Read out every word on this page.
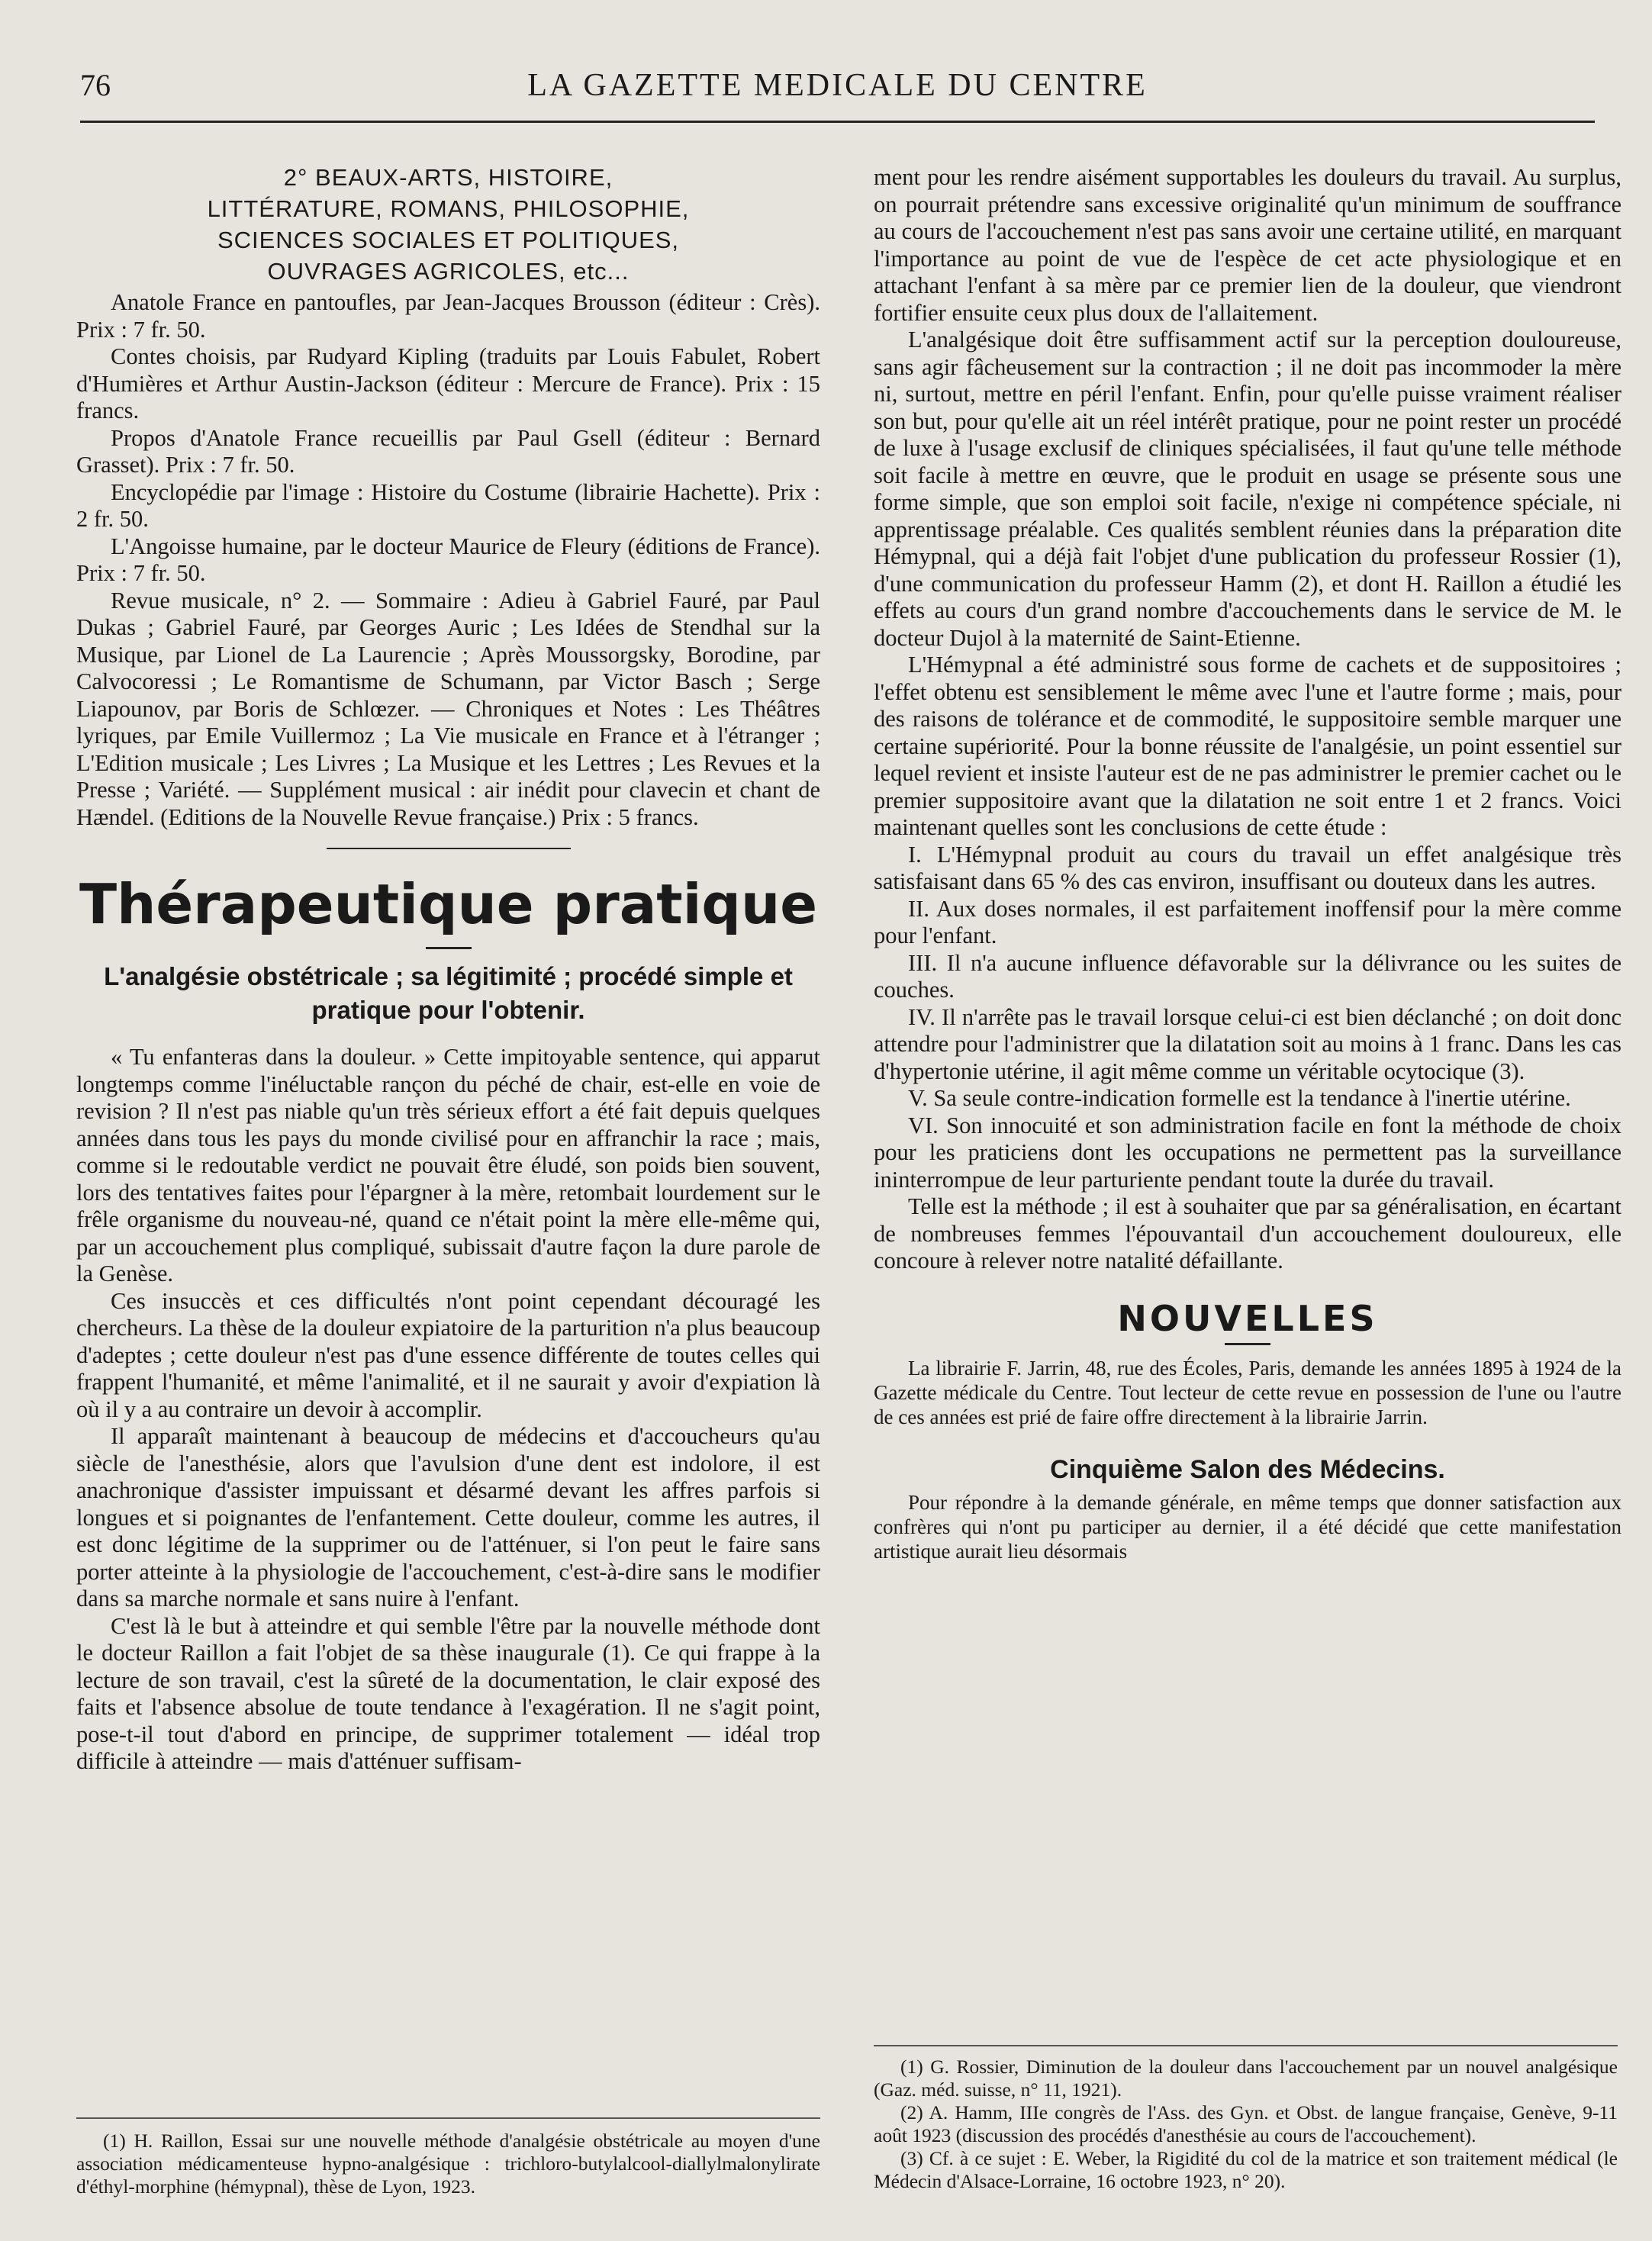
76	LA GAZETTE MEDICALE DU CENTRE
2° BEAUX-ARTS, HISTOIRE,
LITTÉRATURE, ROMANS, PHILOSOPHIE,
SCIENCES SOCIALES ET POLITIQUES,
OUVRAGES AGRICOLES, etc...

Anatole France en pantoufles, par Jean-Jacques Brousson (éditeur : Crès). Prix : 7 fr. 50.

Contes choisis, par Rudyard Kipling (traduits par Louis Fabulet, Robert d'Humières et Arthur Austin-Jackson (éditeur : Mercure de France). Prix : 15 francs.

Propos d'Anatole France recueillis par Paul Gsell (éditeur : Bernard Grasset). Prix : 7 fr. 50.

Encyclopédie par l'image : Histoire du Costume (librairie Hachette). Prix : 2 fr. 50.

L'Angoisse humaine, par le docteur Maurice de Fleury (éditions de France). Prix : 7 fr. 50.

Revue musicale, n° 2. — Sommaire : Adieu à Gabriel Fauré, par Paul Dukas ; Gabriel Fauré, par Georges Auric ; Les Idées de Stendhal sur la Musique, par Lionel de La Laurencie ; Après Moussorgsky, Borodine, par Calvocoressi ; Le Romantisme de Schumann, par Victor Basch ; Serge Liapounov, par Boris de Schlœzer. — Chroniques et Notes : Les Théâtres lyriques, par Emile Vuillermoz ; La Vie musicale en France et à l'étranger ; L'Edition musicale ; Les Livres ; La Musique et les Lettres ; Les Revues et la Presse ; Variété. — Supplément musical : air inédit pour clavecin et chant de Hændel. (Editions de la Nouvelle Revue française.) Prix : 5 francs.

Thérapeutique pratique
L'analgésie obstétricale ; sa légitimité ; procédé simple et pratique pour l'obtenir.

« Tu enfanteras dans la douleur. » Cette impitoyable sentence, qui apparut longtemps comme l'inéluctable rançon du péché de chair, est-elle en voie de revision ? Il n'est pas niable qu'un très sérieux effort a été fait depuis quelques années dans tous les pays du monde civilisé pour en affranchir la race ; mais, comme si le redoutable verdict ne pouvait être éludé, son poids bien souvent, lors des tentatives faites pour l'épargner à la mère, retombait lourdement sur le frêle organisme du nouveau-né, quand ce n'était point la mère elle-même qui, par un accouchement plus compliqué, subissait d'autre façon la dure parole de la Genèse.

Ces insuccès et ces difficultés n'ont point cependant découragé les chercheurs. La thèse de la douleur expiatoire de la parturition n'a plus beaucoup d'adeptes ; cette douleur n'est pas d'une essence différente de toutes celles qui frappent l'humanité, et même l'animalité, et il ne saurait y avoir d'expiation là où il y a au contraire un devoir à accomplir.

Il apparaît maintenant à beaucoup de médecins et d'accoucheurs qu'au siècle de l'anesthésie, alors que l'avulsion d'une dent est indolore, il est anachronique d'assister impuissant et désarmé devant les affres parfois si longues et si poignantes de l'enfantement. Cette douleur, comme les autres, il est donc légitime de la supprimer ou de l'atténuer, si l'on peut le faire sans porter atteinte à la physiologie de l'accouchement, c'est-à-dire sans le modifier dans sa marche normale et sans nuire à l'enfant.

C'est là le but à atteindre et qui semble l'être par la nouvelle méthode dont le docteur Raillon a fait l'objet de sa thèse inaugurale (1). Ce qui frappe à la lecture de son travail, c'est la sûreté de la documentation, le clair exposé des faits et l'absence absolue de toute tendance à l'exagération. Il ne s'agit point, pose-t-il tout d'abord en principe, de supprimer totalement — idéal trop difficile à atteindre — mais d'atténuer suffisam-

(1) H. Raillon, Essai sur une nouvelle méthode d'analgésie obstétricale au moyen d'une association médicamenteuse hypno-analgésique : trichloro-butylalcool-diallylmalonylirate d'éthyl-morphine (hémypnal), thèse de Lyon, 1923.

ment pour les rendre aisément supportables les douleurs du travail. Au surplus, on pourrait prétendre sans excessive originalité qu'un minimum de souffrance au cours de l'accouchement n'est pas sans avoir une certaine utilité, en marquant l'importance au point de vue de l'espèce de cet acte physiologique et en attachant l'enfant à sa mère par ce premier lien de la douleur, que viendront fortifier ensuite ceux plus doux de l'allaitement.

L'analgésique doit être suffisamment actif sur la perception douloureuse, sans agir fâcheusement sur la contraction ; il ne doit pas incommoder la mère ni, surtout, mettre en péril l'enfant. Enfin, pour qu'elle puisse vraiment réaliser son but, pour qu'elle ait un réel intérêt pratique, pour ne point rester un procédé de luxe à l'usage exclusif de cliniques spécialisées, il faut qu'une telle méthode soit facile à mettre en œuvre, que le produit en usage se présente sous une forme simple, que son emploi soit facile, n'exige ni compétence spéciale, ni apprentissage préalable. Ces qualités semblent réunies dans la préparation dite Hémypnal, qui a déjà fait l'objet d'une publication du professeur Rossier (1), d'une communication du professeur Hamm (2), et dont H. Raillon a étudié les effets au cours d'un grand nombre d'accouchements dans le service de M. le docteur Dujol à la maternité de Saint-Etienne.

L'Hémypnal a été administré sous forme de cachets et de suppositoires ; l'effet obtenu est sensiblement le même avec l'une et l'autre forme ; mais, pour des raisons de tolérance et de commodité, le suppositoire semble marquer une certaine supériorité. Pour la bonne réussite de l'analgésie, un point essentiel sur lequel revient et insiste l'auteur est de ne pas administrer le premier cachet ou le premier suppositoire avant que la dilatation ne soit entre 1 et 2 francs. Voici maintenant quelles sont les conclusions de cette étude :

I. L'Hémypnal produit au cours du travail un effet analgésique très satisfaisant dans 65 % des cas environ, insuffisant ou douteux dans les autres.

II. Aux doses normales, il est parfaitement inoffensif pour la mère comme pour l'enfant.

III. Il n'a aucune influence défavorable sur la délivrance ou les suites de couches.

IV. Il n'arrête pas le travail lorsque celui-ci est bien déclanché ; on doit donc attendre pour l'administrer que la dilatation soit au moins à 1 franc. Dans les cas d'hypertonie utérine, il agit même comme un véritable ocytocique (3).

V. Sa seule contre-indication formelle est la tendance à l'inertie utérine.

VI. Son innocuité et son administration facile en font la méthode de choix pour les praticiens dont les occupations ne permettent pas la surveillance ininterrompue de leur parturiente pendant toute la durée du travail.

Telle est la méthode ; il est à souhaiter que par sa généralisation, en écartant de nombreuses femmes l'épouvantail d'un accouchement douloureux, elle concoure à relever notre natalité défaillante.

NOUVELLES

La librairie F. Jarrin, 48, rue des Écoles, Paris, demande les années 1895 à 1924 de la Gazette médicale du Centre. Tout lecteur de cette revue en possession de l'une ou l'autre de ces années est prié de faire offre directement à la librairie Jarrin.

Cinquième Salon des Médecins.

Pour répondre à la demande générale, en même temps que donner satisfaction aux confrères qui n'ont pu participer au dernier, il a été décidé que cette manifestation artistique aurait lieu désormais

(1) G. Rossier, Diminution de la douleur dans l'accouchement par un nouvel analgésique (Gaz. méd. suisse, n° 11, 1921).

(2) A. Hamm, IIIe congrès de l'Ass. des Gyn. et Obst. de langue française, Genève, 9-11 août 1923 (discussion des procédés d'anesthésie au cours de l'accouchement).

(3) Cf. à ce sujet : E. Weber, la Rigidité du col de la matrice et son traitement médical (le Médecin d'Alsace-Lorraine, 16 octobre 1923, n° 20).
